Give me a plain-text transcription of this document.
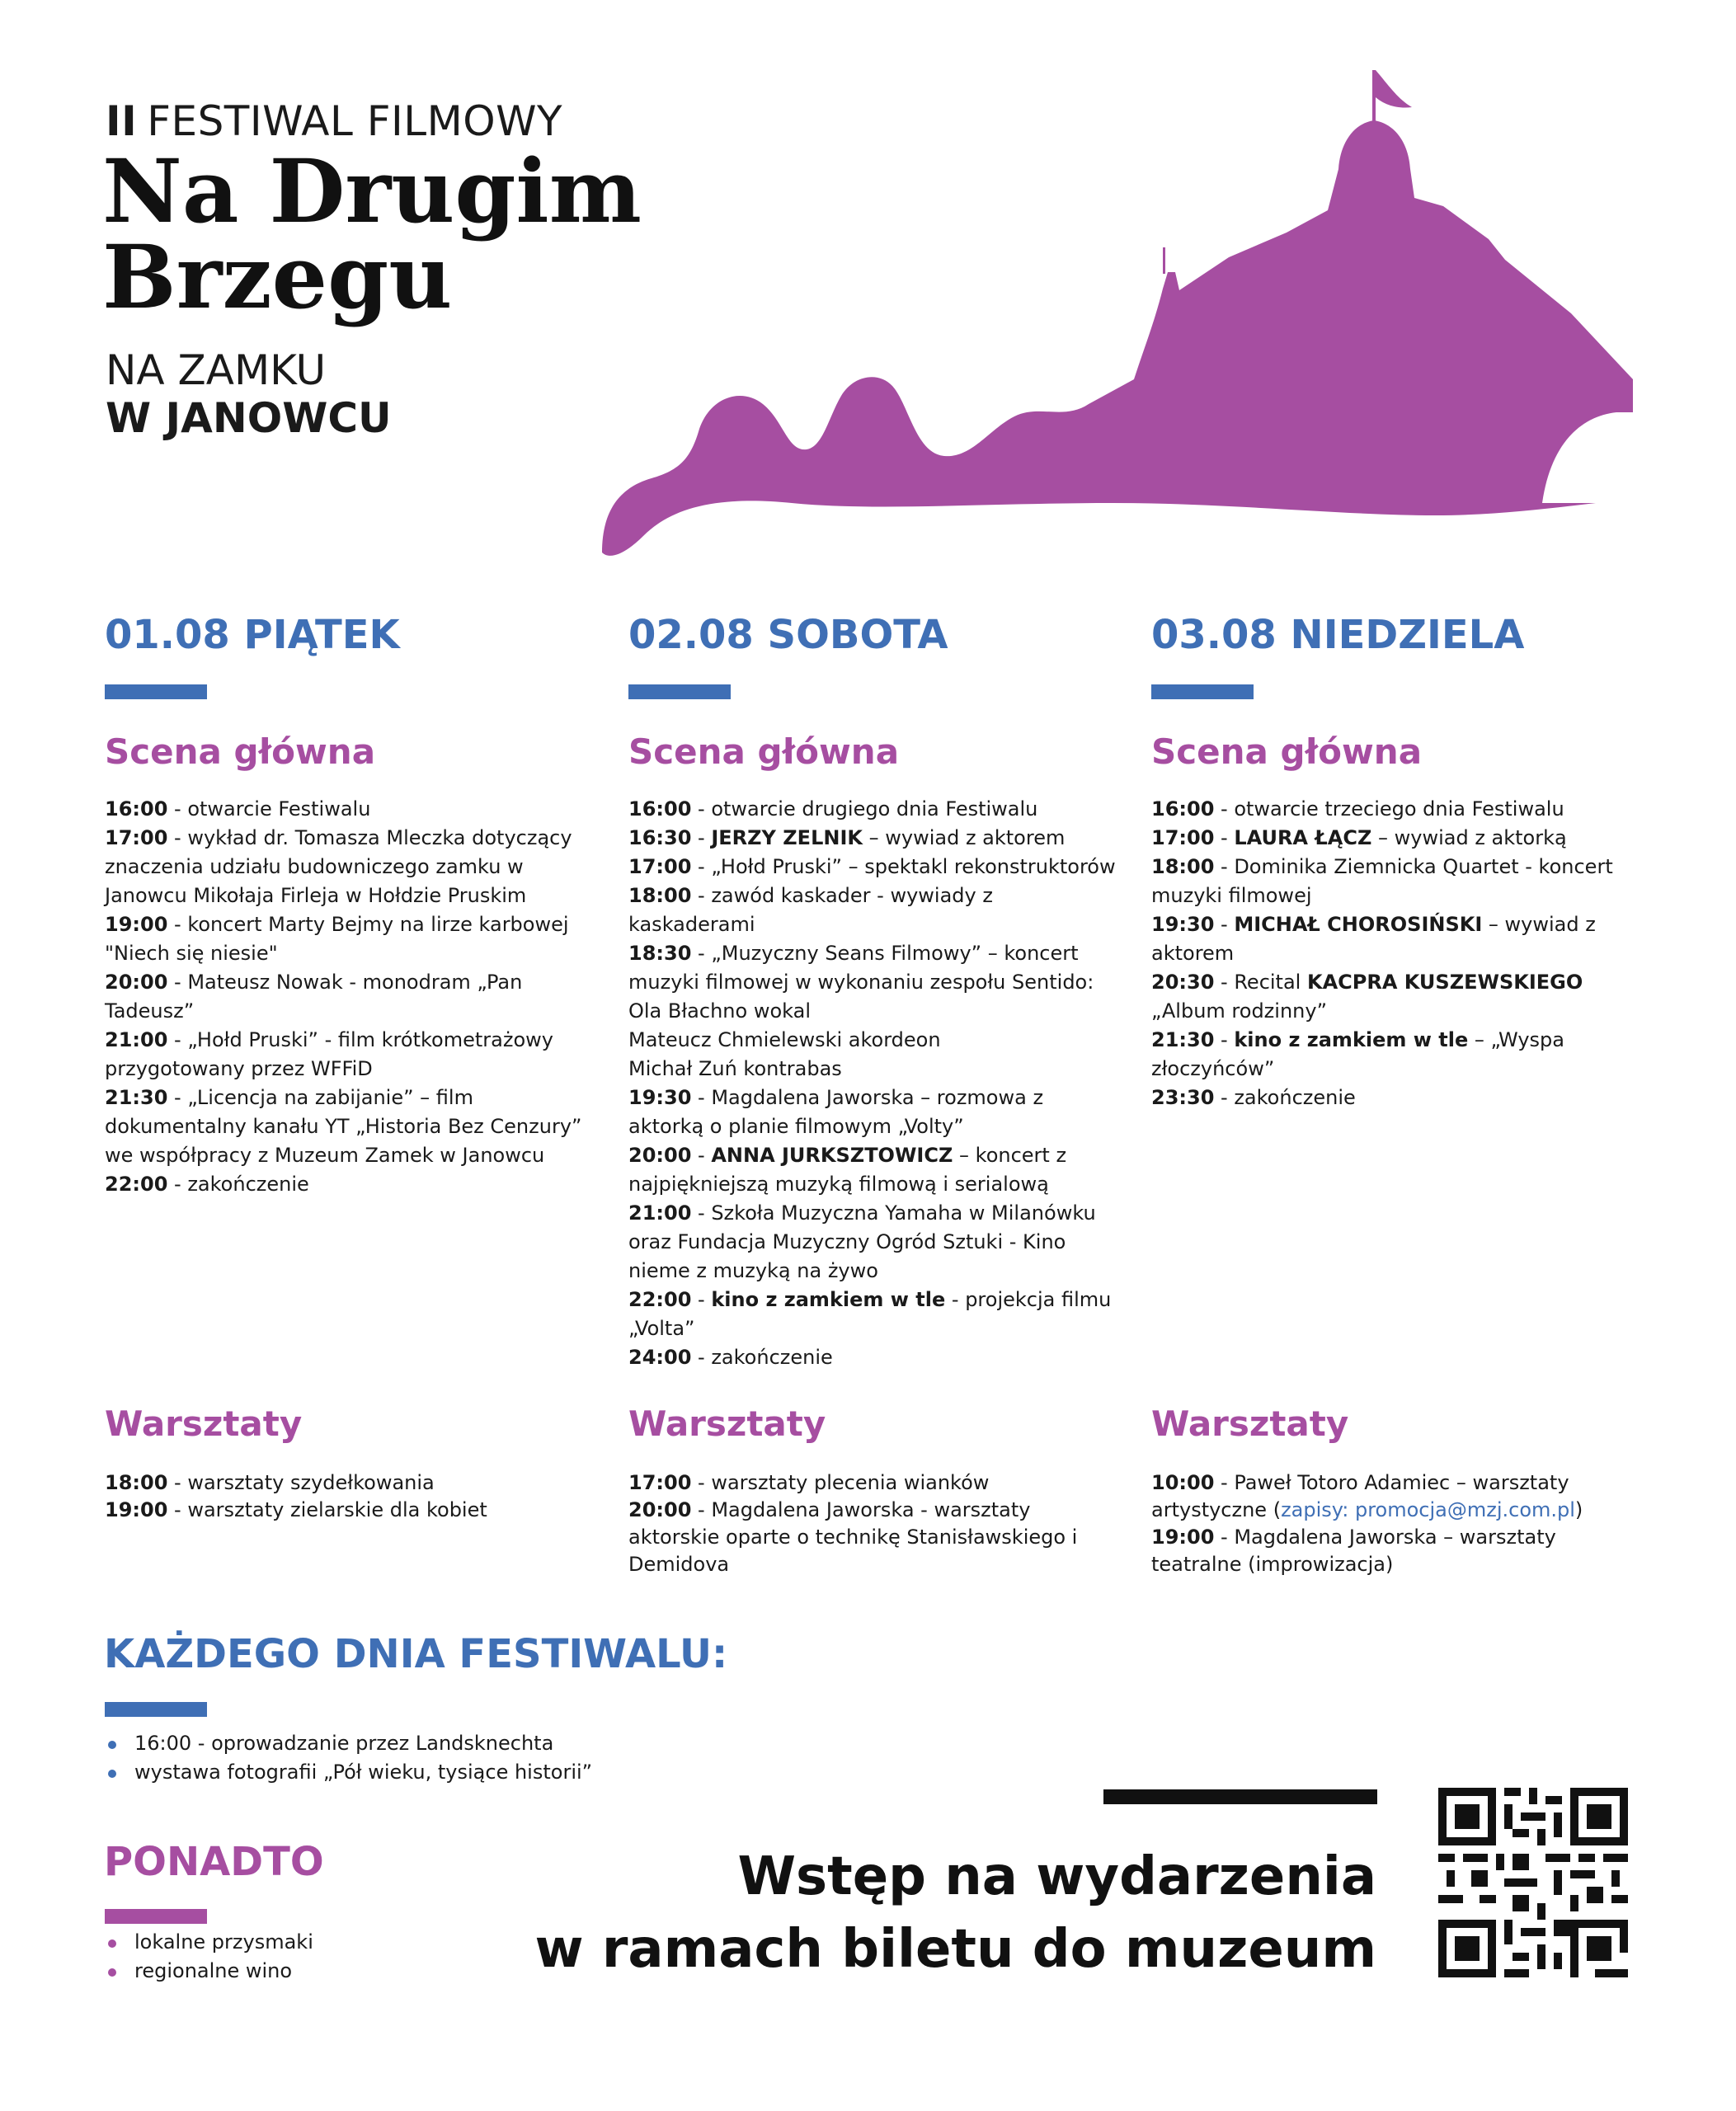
II FESTIWAL FILMOWY
Na Drugim
Brzegu
NA ZAMKU
W JANOWCU
01.08 PIĄTEK
Scena główna

16:00 - otwarcie Festiwalu

17:00 - wykład dr. Tomasza Mleczka dotyczący znaczenia udziału budowniczego zamku w Janowcu Mikołaja Firleja w Hołdzie Pruskim

19:00 - koncert Marty Bejmy na lirze karbowej "Niech się niesie"

20:00 - Mateusz Nowak - monodram „Pan Tadeusz”

21:00 - „Hołd Pruski” - film krótkometrażowy przygotowany przez WFFiD

21:30 - „Licencja na zabijanie” – film dokumentalny kanału YT „Historia Bez Cenzury” we współpracy z Muzeum Zamek w Janowcu

22:00 - zakończenie

Warsztaty

18:00 - warsztaty szydełkowania

19:00 - warsztaty zielarskie dla kobiet

02.08 SOBOTA
Scena główna

16:00 - otwarcie drugiego dnia Festiwalu

16:30 - JERZY ZELNIK – wywiad z aktorem

17:00 - „Hołd Pruski” – spektakl rekonstruktorów

18:00 - zawód kaskader - wywiady z kaskaderami

18:30 - „Muzyczny Seans Filmowy” – koncert muzyki filmowej w wykonaniu zespołu Sentido:

Ola Błachno wokal

Mateucz Chmielewski akordeon

Michał Zuń kontrabas

19:30 - Magdalena Jaworska – rozmowa z aktorką o planie filmowym „Volty”

20:00 - ANNA JURKSZTOWICZ – koncert z najpiękniejszą muzyką filmową i serialową

21:00 - Szkoła Muzyczna Yamaha w Milanówku oraz Fundacja Muzyczny Ogród Sztuki - Kino nieme z muzyką na żywo

22:00 - kino z zamkiem w tle - projekcja filmu „Volta”

24:00 - zakończenie

Warsztaty

17:00 - warsztaty plecenia wianków

20:00 - Magdalena Jaworska - warsztaty aktorskie oparte o technikę Stanisławskiego i Demidova

03.08 NIEDZIELA
Scena główna

16:00 - otwarcie trzeciego dnia Festiwalu

17:00 - LAURA ŁĄCZ – wywiad z aktorką

18:00 - Dominika Ziemnicka Quartet - koncert muzyki filmowej

19:30 - MICHAŁ CHOROSIŃSKI – wywiad z aktorem

20:30 - Recital KACPRA KUSZEWSKIEGO „Album rodzinny”

21:30 - kino z zamkiem w tle – „Wyspa złoczyńców”

23:30 - zakończenie

Warsztaty

10:00 - Paweł Totoro Adamiec – warsztaty artystyczne (zapisy: promocja@mzj.com.pl)

19:00 - Magdalena Jaworska – warsztaty teatralne (improwizacja)

KAŻDEGO DNIA FESTIWALU:
16:00 - oprowadzanie przez Landsknechta
wystawa fotografii „Pół wieku, tysiące historii”
PONADTO
lokalne przysmaki
regionalne wino
Wstęp na wydarzenia
w ramach biletu do muzeum
